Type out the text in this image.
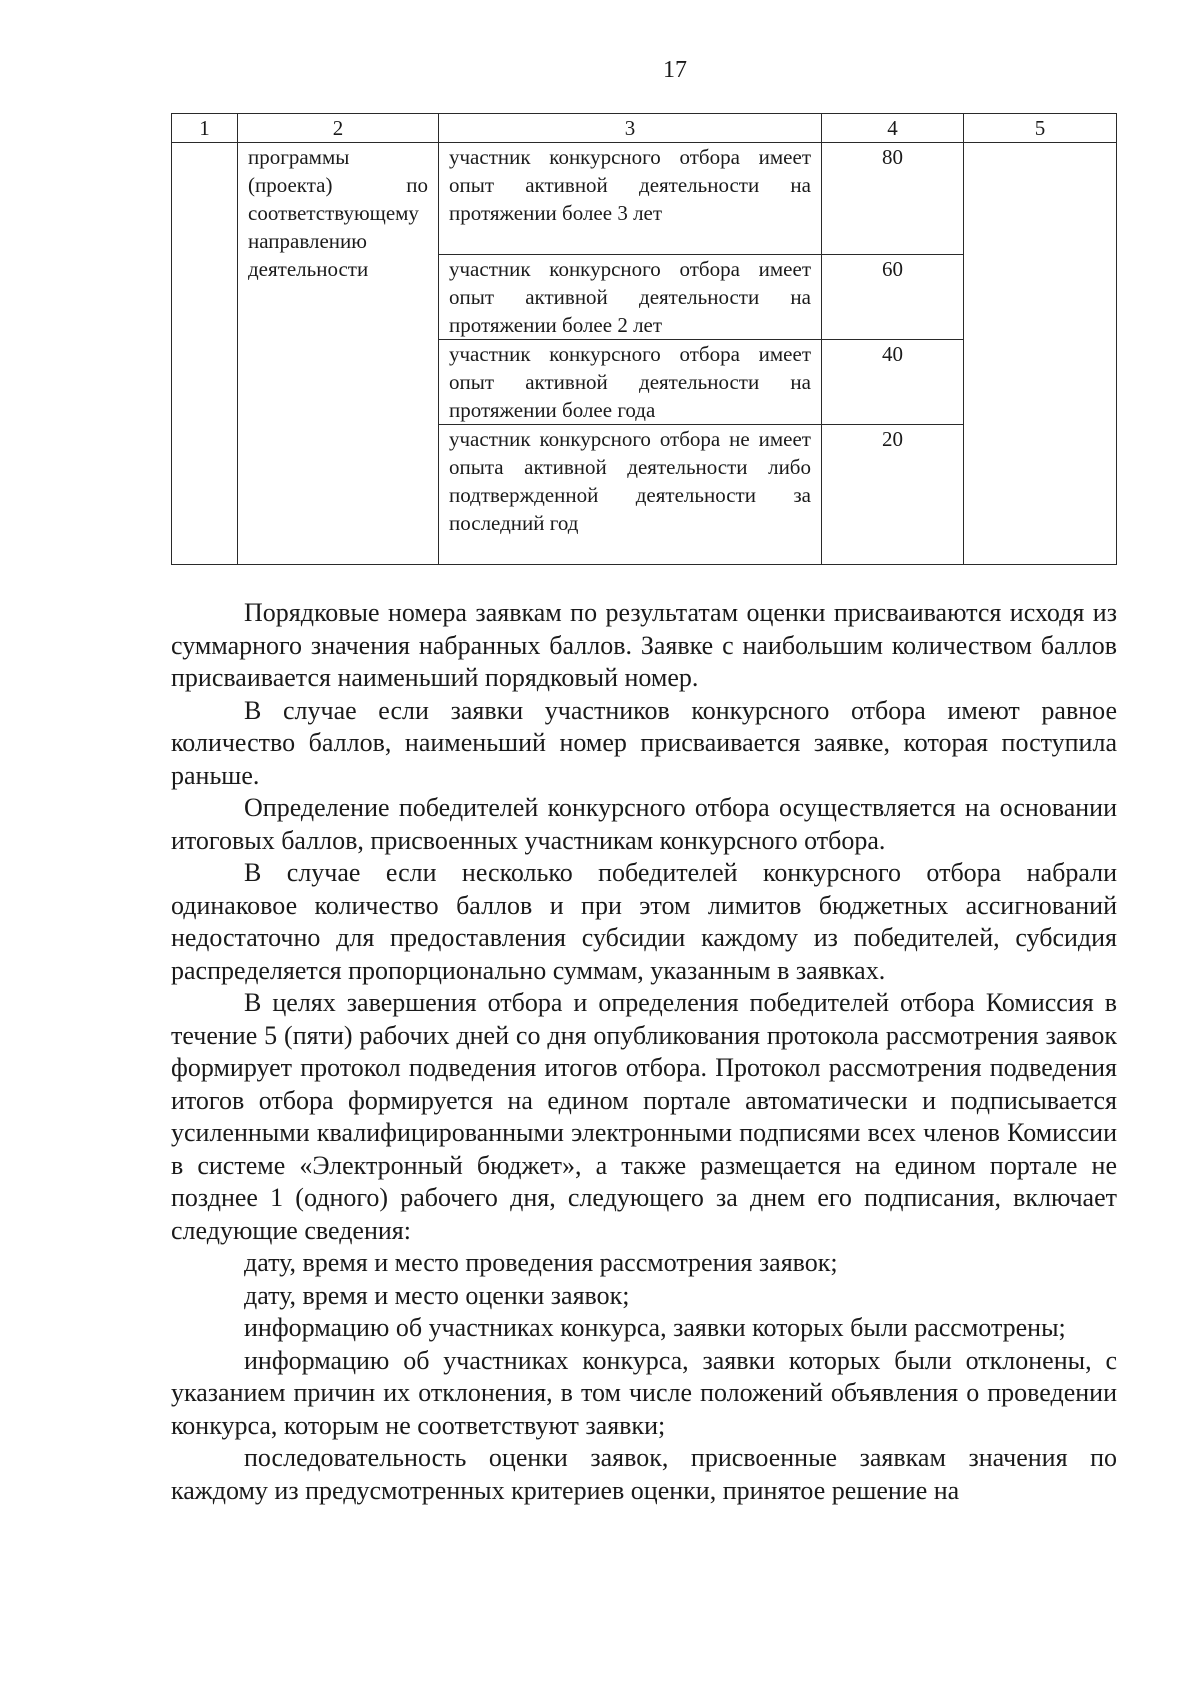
17
1	2	3	4	5

	программы (проекта) по соответствующему направлению деятельности	участник конкурсного отбора имеет опыт активной деятельности на протяжении более 3 лет	80	

		участник конкурсного отбора имеет опыт активной деятельности на протяжении более 2 лет	60	

		участник конкурсного отбора имеет опыт активной деятельности на протяжении более года	40	

		участник конкурсного отбора не имеет опыта активной деятельности либо подтвержденной деятельности за последний год	20	

Порядковые номера заявкам по результатам оценки присваиваются исходя из суммарного значения набранных баллов. Заявке с наибольшим количеством баллов присваивается наименьший порядковый номер.

В случае если заявки участников конкурсного отбора имеют равное количество баллов, наименьший номер присваивается заявке, которая поступила раньше.

Определение победителей конкурсного отбора осуществляется на основании итоговых баллов, присвоенных участникам конкурсного отбора.

В случае если несколько победителей конкурсного отбора набрали одинаковое количество баллов и при этом лимитов бюджетных ассигнований недостаточно для предоставления субсидии каждому из победителей, субсидия распределяется пропорционально суммам, указанным в заявках.

В целях завершения отбора и определения победителей отбора Комиссия в течение 5 (пяти) рабочих дней со дня опубликования протокола рассмотрения заявок формирует протокол подведения итогов отбора. Протокол рассмотрения подведения итогов отбора формируется на едином портале автоматически и подписывается усиленными квалифицированными электронными подписями всех членов Комиссии в системе «Электронный бюджет», а также размещается на едином портале не позднее 1 (одного) рабочего дня, следующего за днем его подписания, включает следующие сведения:

дату, время и место проведения рассмотрения заявок;

дату, время и место оценки заявок;

информацию об участниках конкурса, заявки которых были рассмотрены;

информацию об участниках конкурса, заявки которых были отклонены, с указанием причин их отклонения, в том числе положений объявления о проведении конкурса, которым не соответствуют заявки;

последовательность оценки заявок, присвоенные заявкам значения по каждому из предусмотренных критериев оценки, принятое решение на
